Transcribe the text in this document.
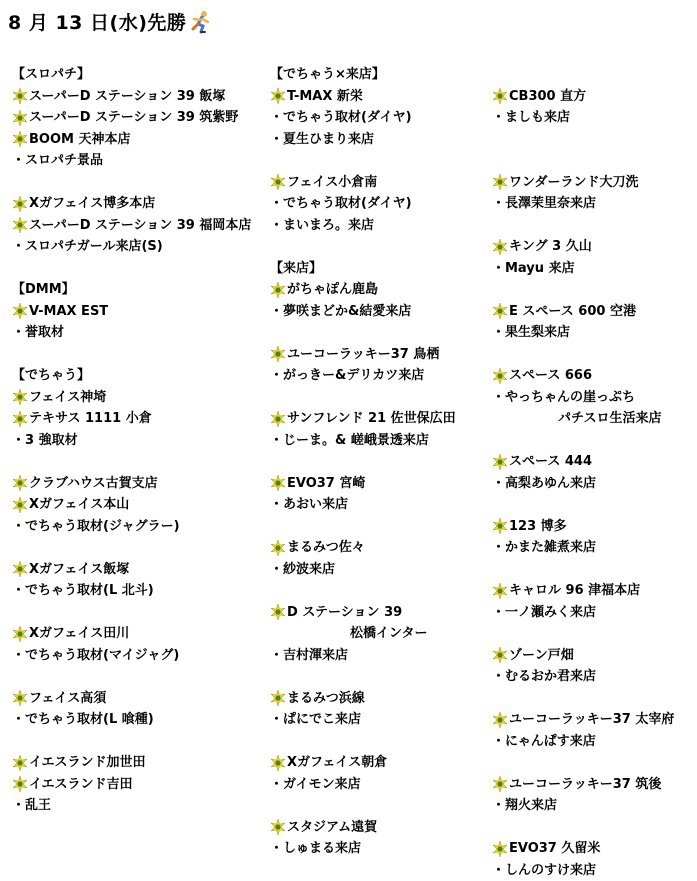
8 月 13 日(水)先勝
【スロパチ】
スーパーD ステーション 39 飯塚
スーパーD ステーション 39 筑紫野
BOOM 天神本店
・スロパチ景品
Xガフェイス博多本店
スーパーD ステーション 39 福岡本店
・スロパチガール来店(S)
【DMM】
V-MAX EST
・誉取材
【でちゃう】
フェイス神埼
テキサス 1111 小倉
・3 強取材
クラブハウス古賀支店
Xガフェイス本山
・でちゃう取材(ジャグラー)
Xガフェイス飯塚
・でちゃう取材(L 北斗)
Xガフェイス田川
・でちゃう取材(マイジャグ)
フェイス高須
・でちゃう取材(L 喰種)
イエスランド加世田
イエスランド吉田
・乱王
【でちゃう×来店】
T-MAX 新栄
・でちゃう取材(ダイヤ)
・夏生ひまり来店
フェイス小倉南
・でちゃう取材(ダイヤ)
・まいまろ。来店
【来店】
がちゃぽん鹿島
・夢咲まどか&結愛来店
ユーコーラッキー37 鳥栖
・がっきー&デリカツ来店
サンフレンド 21 佐世保広田
・じーま。& 嵯峨景透来店
EVO37 宮崎
・あおい来店
まるみつ佐々
・紗波来店
D ステーション 39
松橋インター
・吉村渾来店
まるみつ浜線
・ぱにでこ来店
Xガフェイス朝倉
・ガイモン来店
スタジアム遠賀
・しゅまる来店
CB300 直方
・ましも来店
ワンダーランド大刀洗
・長澤茉里奈来店
キング 3 久山
・Mayu 来店
E スペース 600 空港
・果生梨来店
スペース 666
・やっちゃんの崖っぷち
パチスロ生活来店
スペース 444
・高梨あゆん来店
123 博多
・かまた雑煮来店
キャロル 96 津福本店
・一ノ瀬みく来店
ゾーン戸畑
・むるおか君来店
ユーコーラッキー37 太宰府
・にゃんぱす来店
ユーコーラッキー37 筑後
・翔火来店
EVO37 久留米
・しんのすけ来店
